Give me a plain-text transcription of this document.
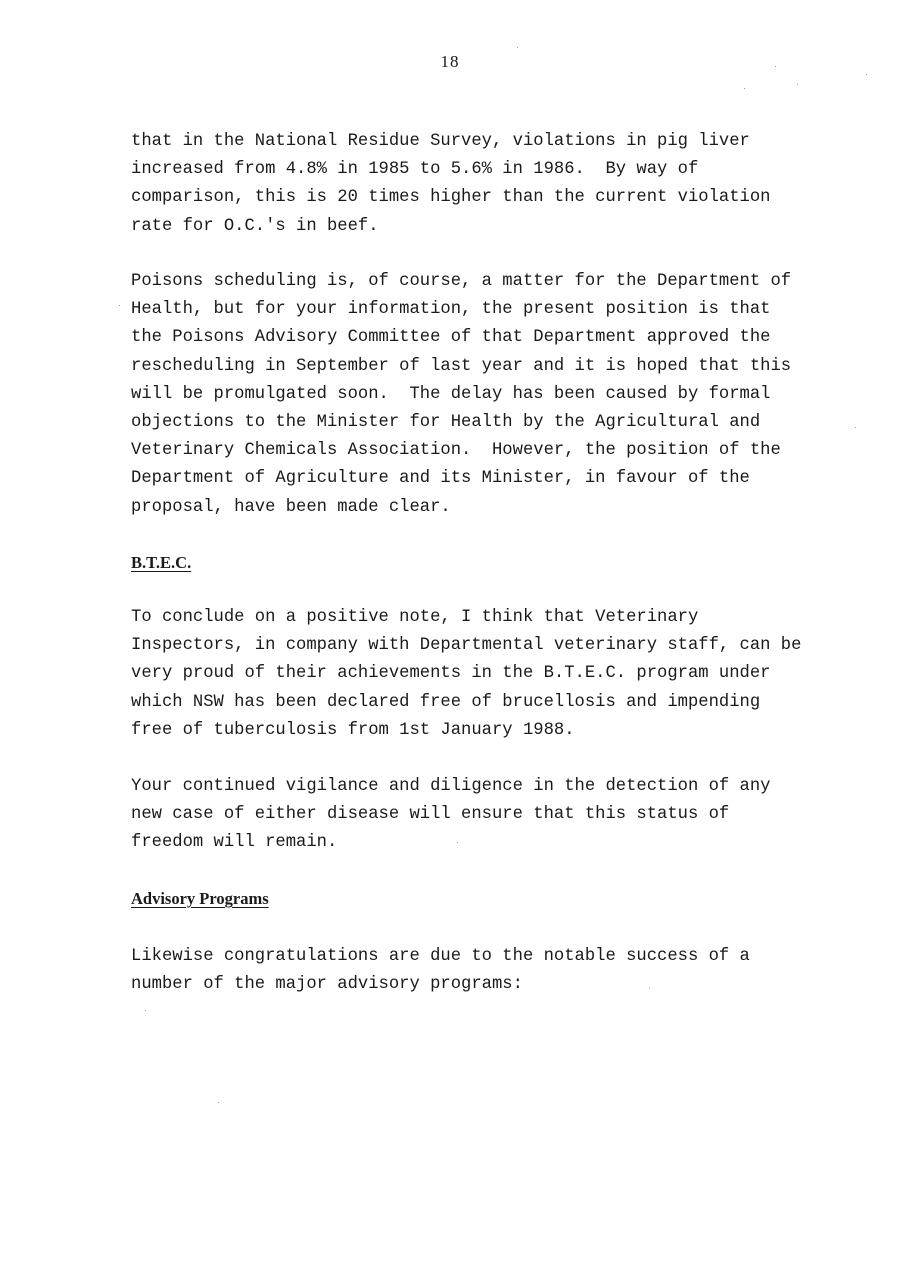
18
that in the National Residue Survey, violations in pig liver
increased from 4.8% in 1985 to 5.6% in 1986.  By way of
comparison, this is 20 times higher than the current violation
rate for O.C.'s in beef.
Poisons scheduling is, of course, a matter for the Department of
Health, but for your information, the present position is that
the Poisons Advisory Committee of that Department approved the
rescheduling in September of last year and it is hoped that this
will be promulgated soon.  The delay has been caused by formal
objections to the Minister for Health by the Agricultural and
Veterinary Chemicals Association.  However, the position of the
Department of Agriculture and its Minister, in favour of the
proposal, have been made clear.
B.T.E.C.
To conclude on a positive note, I think that Veterinary
Inspectors, in company with Departmental veterinary staff, can be
very proud of their achievements in the B.T.E.C. program under
which NSW has been declared free of brucellosis and impending
free of tuberculosis from 1st January 1988.
Your continued vigilance and diligence in the detection of any
new case of either disease will ensure that this status of
freedom will remain.
Advisory Programs
Likewise congratulations are due to the notable success of a
number of the major advisory programs:
